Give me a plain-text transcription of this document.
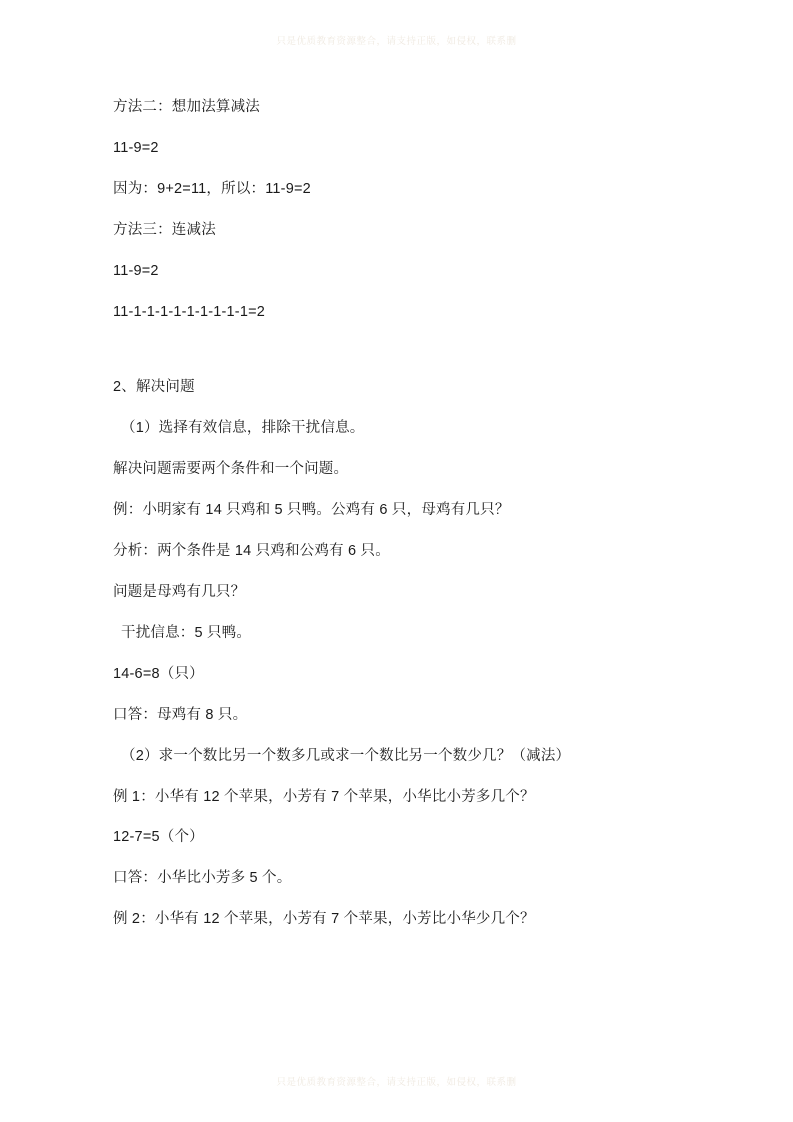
只是优质教育资源整合，请支持正版，如侵权，联系删

方法二：想加法算减法

11-9=2

因为：9+2=11，所以：11-9=2

方法三：连减法

11-9=2

11-1-1-1-1-1-1-1-1-1=2

2、解决问题

（1）选择有效信息，排除干扰信息。

解决问题需要两个条件和一个问题。

例：小明家有 14 只鸡和 5 只鸭。公鸡有 6 只，母鸡有几只？

分析：两个条件是 14 只鸡和公鸡有 6 只。

问题是母鸡有几只？

干扰信息：5 只鸭。

14-6=8（只）

口答：母鸡有 8 只。

（2）求一个数比另一个数多几或求一个数比另一个数少几？（减法）

例 1：小华有 12 个苹果，小芳有 7 个苹果，小华比小芳多几个？

12-7=5（个）

口答：小华比小芳多 5 个。

例 2：小华有 12 个苹果，小芳有 7 个苹果，小芳比小华少几个？

只是优质教育资源整合，请支持正版，如侵权，联系删
